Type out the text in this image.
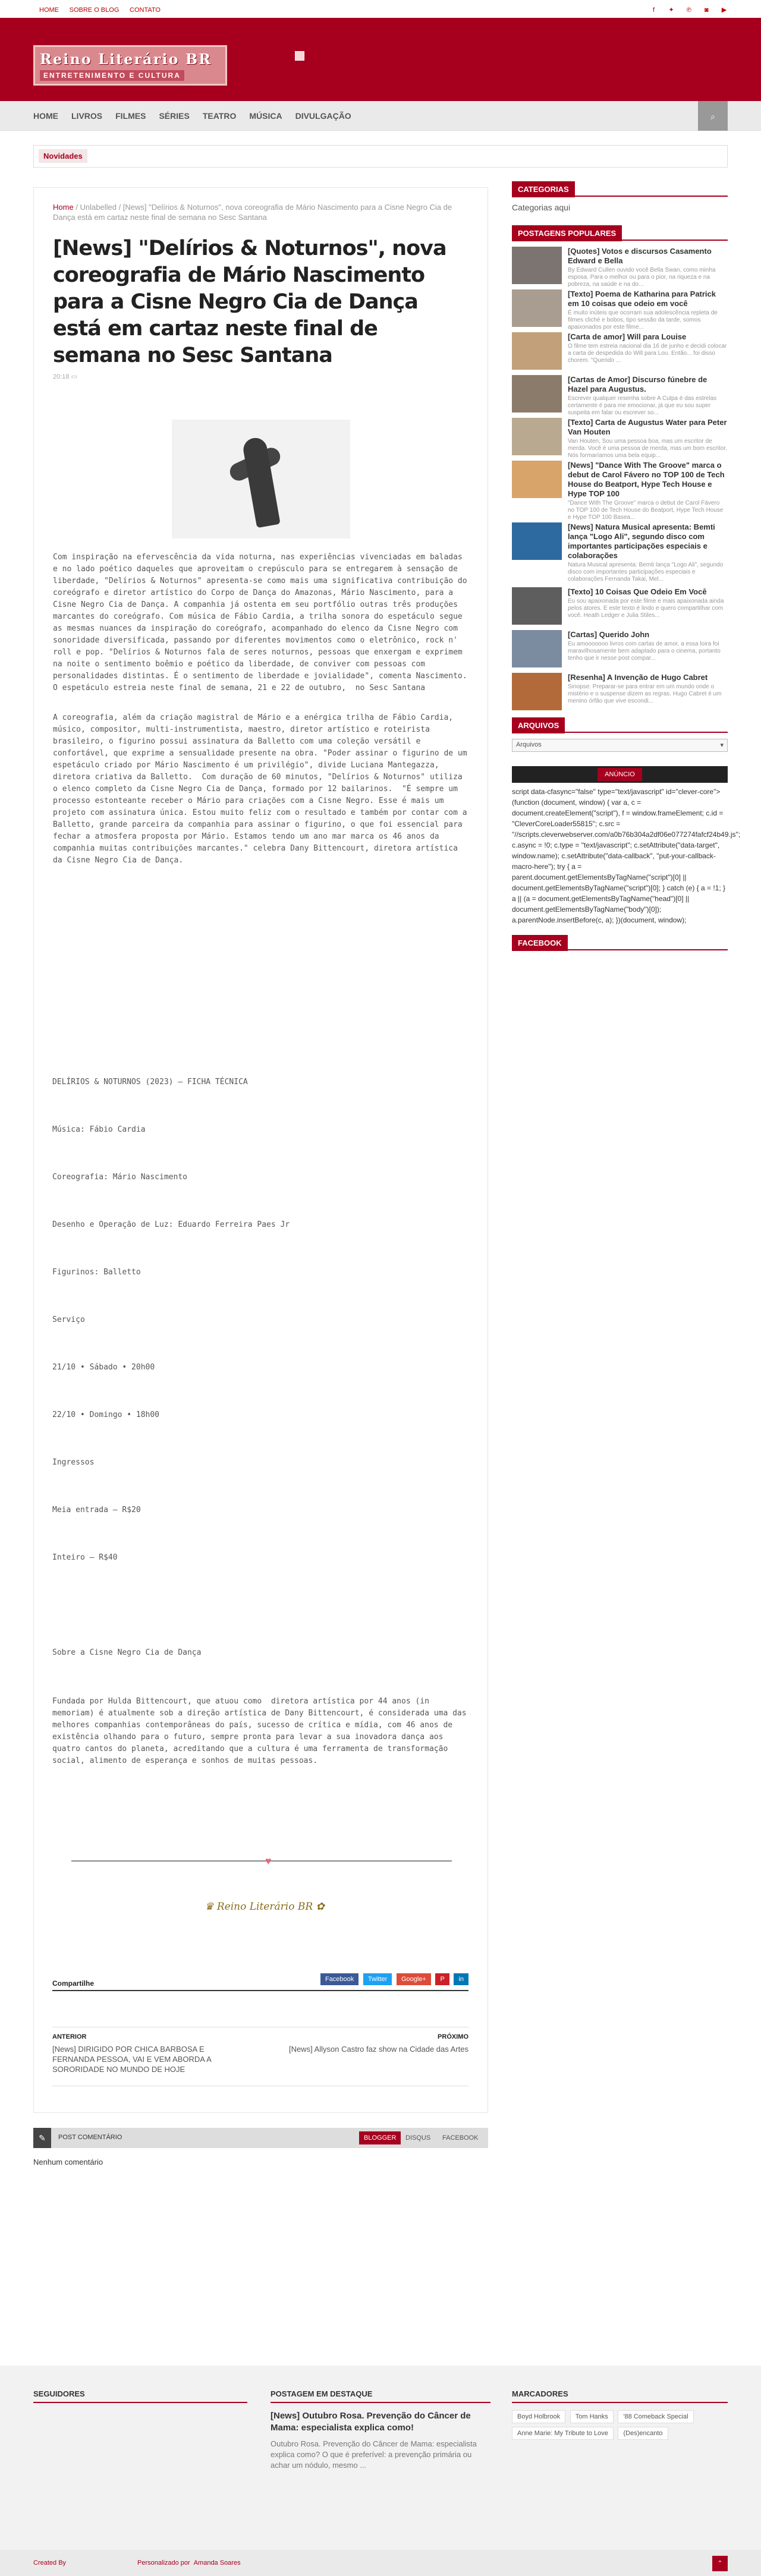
HOME SOBRE O BLOG CONTATO	f ✦ ℗ ◙ ▶
Reino Literário BR
ENTRETENIMENTO E CULTURA
HOME LIVROS FILMES SÉRIES TEATRO MÚSICA DIVULGAÇÃO	⌕
Novidades
Home / Unlabelled / [News] "Delírios & Noturnos", nova coreografia de Mário Nascimento para a Cisne Negro Cia de Dança está em cartaz neste final de semana no Sesc Santana
[News] "Delírios & Noturnos", nova coreografia de Mário Nascimento para a Cisne Negro Cia de Dança está em cartaz neste final de semana no Sesc Santana
20:18 ▭
Com inspiração na efervescência da vida noturna, nas experiências vivenciadas em baladas e no lado poético daqueles que aproveitam o crepúsculo para se entregarem à sensação de liberdade, "Delírios & Noturnos" apresenta-se como mais uma significativa contribuição do coreógrafo e diretor artístico do Corpo de Dança do Amazonas, Mário Nascimento, para a Cisne Negro Cia de Dança. A companhia já ostenta em seu portfólio outras três produções marcantes do coreógrafo. Com música de Fábio Cardia, a trilha sonora do espetáculo segue as mesmas nuances da inspiração do coreógrafo, acompanhado do elenco da Cisne Negro com sonoridade diversificada, passando por diferentes movimentos como o eletrônico, rock n' roll e pop. "Delírios & Noturnos fala de seres noturnos, pessoas que enxergam e exprimem na noite o sentimento boêmio e poético da liberdade, de conviver com pessoas com personalidades distintas. É o sentimento de liberdade e jovialidade", comenta Nascimento.   O espetáculo estreia neste final de semana, 21 e 22 de outubro,  no Sesc Santana
A coreografia, além da criação magistral de Mário e a enérgica trilha de Fábio Cardia, músico, compositor, multi-instrumentista, maestro, diretor artístico e roteirista brasileiro, o figurino possui assinatura da Balletto com uma coleção versátil e confortável, que exprime a sensualidade presente na obra. "Poder assinar o figurino de um espetáculo criado por Mário Nascimento é um privilégio", divide Luciana Mantegazza, diretora criativa da Balletto.  Com duração de 60 minutos, "Delírios & Noturnos" utiliza o elenco completo da Cisne Negro Cia de Dança, formado por 12 bailarinos.  "É sempre um processo estonteante receber o Mário para criações com a Cisne Negro. Esse é mais um projeto com assinatura única. Estou muito feliz com o resultado e também por contar com a Balletto, grande parceira da companhia para assinar o figurino, o que foi essencial para fechar a atmosfera proposta por Mário. Estamos tendo um ano mar marca os 46 anos da companhia muitas contribuições marcantes." celebra Dany Bittencourt, diretora artística da Cisne Negro Cia de Dança.
DELÍRIOS & NOTURNOS (2023) – FICHA TÉCNICA
Música: Fábio Cardia
Coreografia: Mário Nascimento
Desenho e Operação de Luz: Eduardo Ferreira Paes Jr
Figurinos: Balletto
Serviço
21/10 • Sábado • 20h00
22/10 • Domingo • 18h00
Ingressos
Meia entrada – R$20
Inteiro – R$40
Sobre a Cisne Negro Cia de Dança
Fundada por Hulda Bittencourt, que atuou como  diretora artística por 44 anos (in memoriam) é atualmente sob a direção artística de Dany Bittencourt, é considerada uma das melhores companhias contemporâneas do país, sucesso de crítica e mídia, com 46 anos de existência olhando para o futuro, sempre pronta para levar a sua inovadora dança aos quatro cantos do planeta, acreditando que a cultura é uma ferramenta de transformação social, alimento de esperança e sonhos de muitas pessoas.
♥
♛ Reino Literário BR ✿
Compartilhe	Facebook Twitter Google+ P in
ANTERIOR
[News] DIRIGIDO POR CHICA BARBOSA E FERNANDA PESSOA, VAI E VEM ABORDA A SORORIDADE NO MUNDO DE HOJE
PRÓXIMO
[News] Allyson Castro faz show na Cidade das Artes
✎	POST COMENTÁRIO	BLOGGER	DISQUS	FACEBOOK
Nenhum comentário
CATEGORIAS
Categorias aqui
POSTAGENS POPULARES
[Quotes] Votos e discursos Casamento Edward e Bella
By Edward Cullen ouvido você Bella Swan, como minha esposa. Para o melhor ou para o pior, na riqueza e na pobreza, na saúde e na do...
[Texto] Poema de Katharina para Patrick em 10 coisas que odeio em você
É muito inúteis que ocorram sua adolescência repleta de filmes cliché e bobos, tipo sessão da tarde, somos apaixonados por este filme...
[Carta de amor] Will para Louise
O filme tem estreia nacional dia 16 de junho e decidi colocar a carta de despedida do Will para Lou. Então... foi disso chorem. "Querido ...
[Cartas de Amor] Discurso fúnebre de Hazel para Augustus.
Escrever qualquer resenha sobre A Culpa é das estrelas certamente é para me emocionar, já que eu sou super suspeita em falar ou escrever so...
[Texto] Carta de Augustus Water para Peter Van Houten
Van Houten, Sou uma pessoa boa, mas um escritor de merda. Você é uma pessoa de merda, mas um bom escritor. Nós formaríamos uma bela equip...
[News] "Dance With The Groove" marca o debut de Carol Fávero no TOP 100 de Tech House do Beatport, Hype Tech House e Hype TOP 100
"Dance With The Groove" marca o debut de Carol Fávero no TOP 100 de Tech House do Beatport, Hype Tech House e Hype TOP 100 Basea...
[News] Natura Musical apresenta: Bemti lança "Logo Ali", segundo disco com importantes participações especiais e colaborações
Natura Musical apresenta: Bemti lança "Logo Ali", segundo disco com importantes participações especiais e colaborações Fernanda Takai, Mel...
[Texto] 10 Coisas Que Odeio Em Você
Eu sou apaixonada por este filme e mais apaixonada ainda pelos atores. E este texto é lindo e quero compartilhar com você. Heath Ledger e Julia Stiles...
[Cartas] Querido John
Eu amooooooo livros com cartas de amor, a essa loira foi maravilhosamente bem adaptado para o cinema, portanto tenho que ir nesse post compar...
[Resenha] A Invenção de Hugo Cabret
Sinopse: Preparar-se para entrar em um mundo onde o mistério e o suspense dizem as regras. Hugo Cabret é um menino órfão que vive escondi...
ARQUIVOS
Arquivos ▾
ANÚNCIO
script data-cfasync="false" type="text/javascript" id="clever-core"> (function (document, window) { var a, c = document.createElement("script"), f = window.frameElement; c.id = "CleverCoreLoader55815"; c.src = "//scripts.cleverwebserver.com/a0b76b304a2df06e077274fafcf24b49.js"; c.async = !0; c.type = "text/javascript"; c.setAttribute("data-target", window.name); c.setAttribute("data-callback", "put-your-callback-macro-here"); try { a = parent.document.getElementsByTagName("script")[0] || document.getElementsByTagName("script")[0]; } catch (e) { a = !1; } a || (a = document.getElementsByTagName("head")[0] || document.getElementsByTagName("body")[0]); a.parentNode.insertBefore(c, a); })(document, window);
FACEBOOK
SEGUIDORES	POSTAGEM EM DESTAQUE
[News] Outubro Rosa. Prevenção do Câncer de Mama: especialista explica como!
Outubro Rosa. Prevenção do Câncer de Mama: especialista explica como? O que é preferível: a prevenção primária ou achar um nódulo, mesmo ...
MARCADORES
Boyd Holbrook Tom Hanks '88 Comeback Special Anne Marie: My Tribute to Love (Des)encanto
Created By	Personalizado por Amanda Soares	⌃
